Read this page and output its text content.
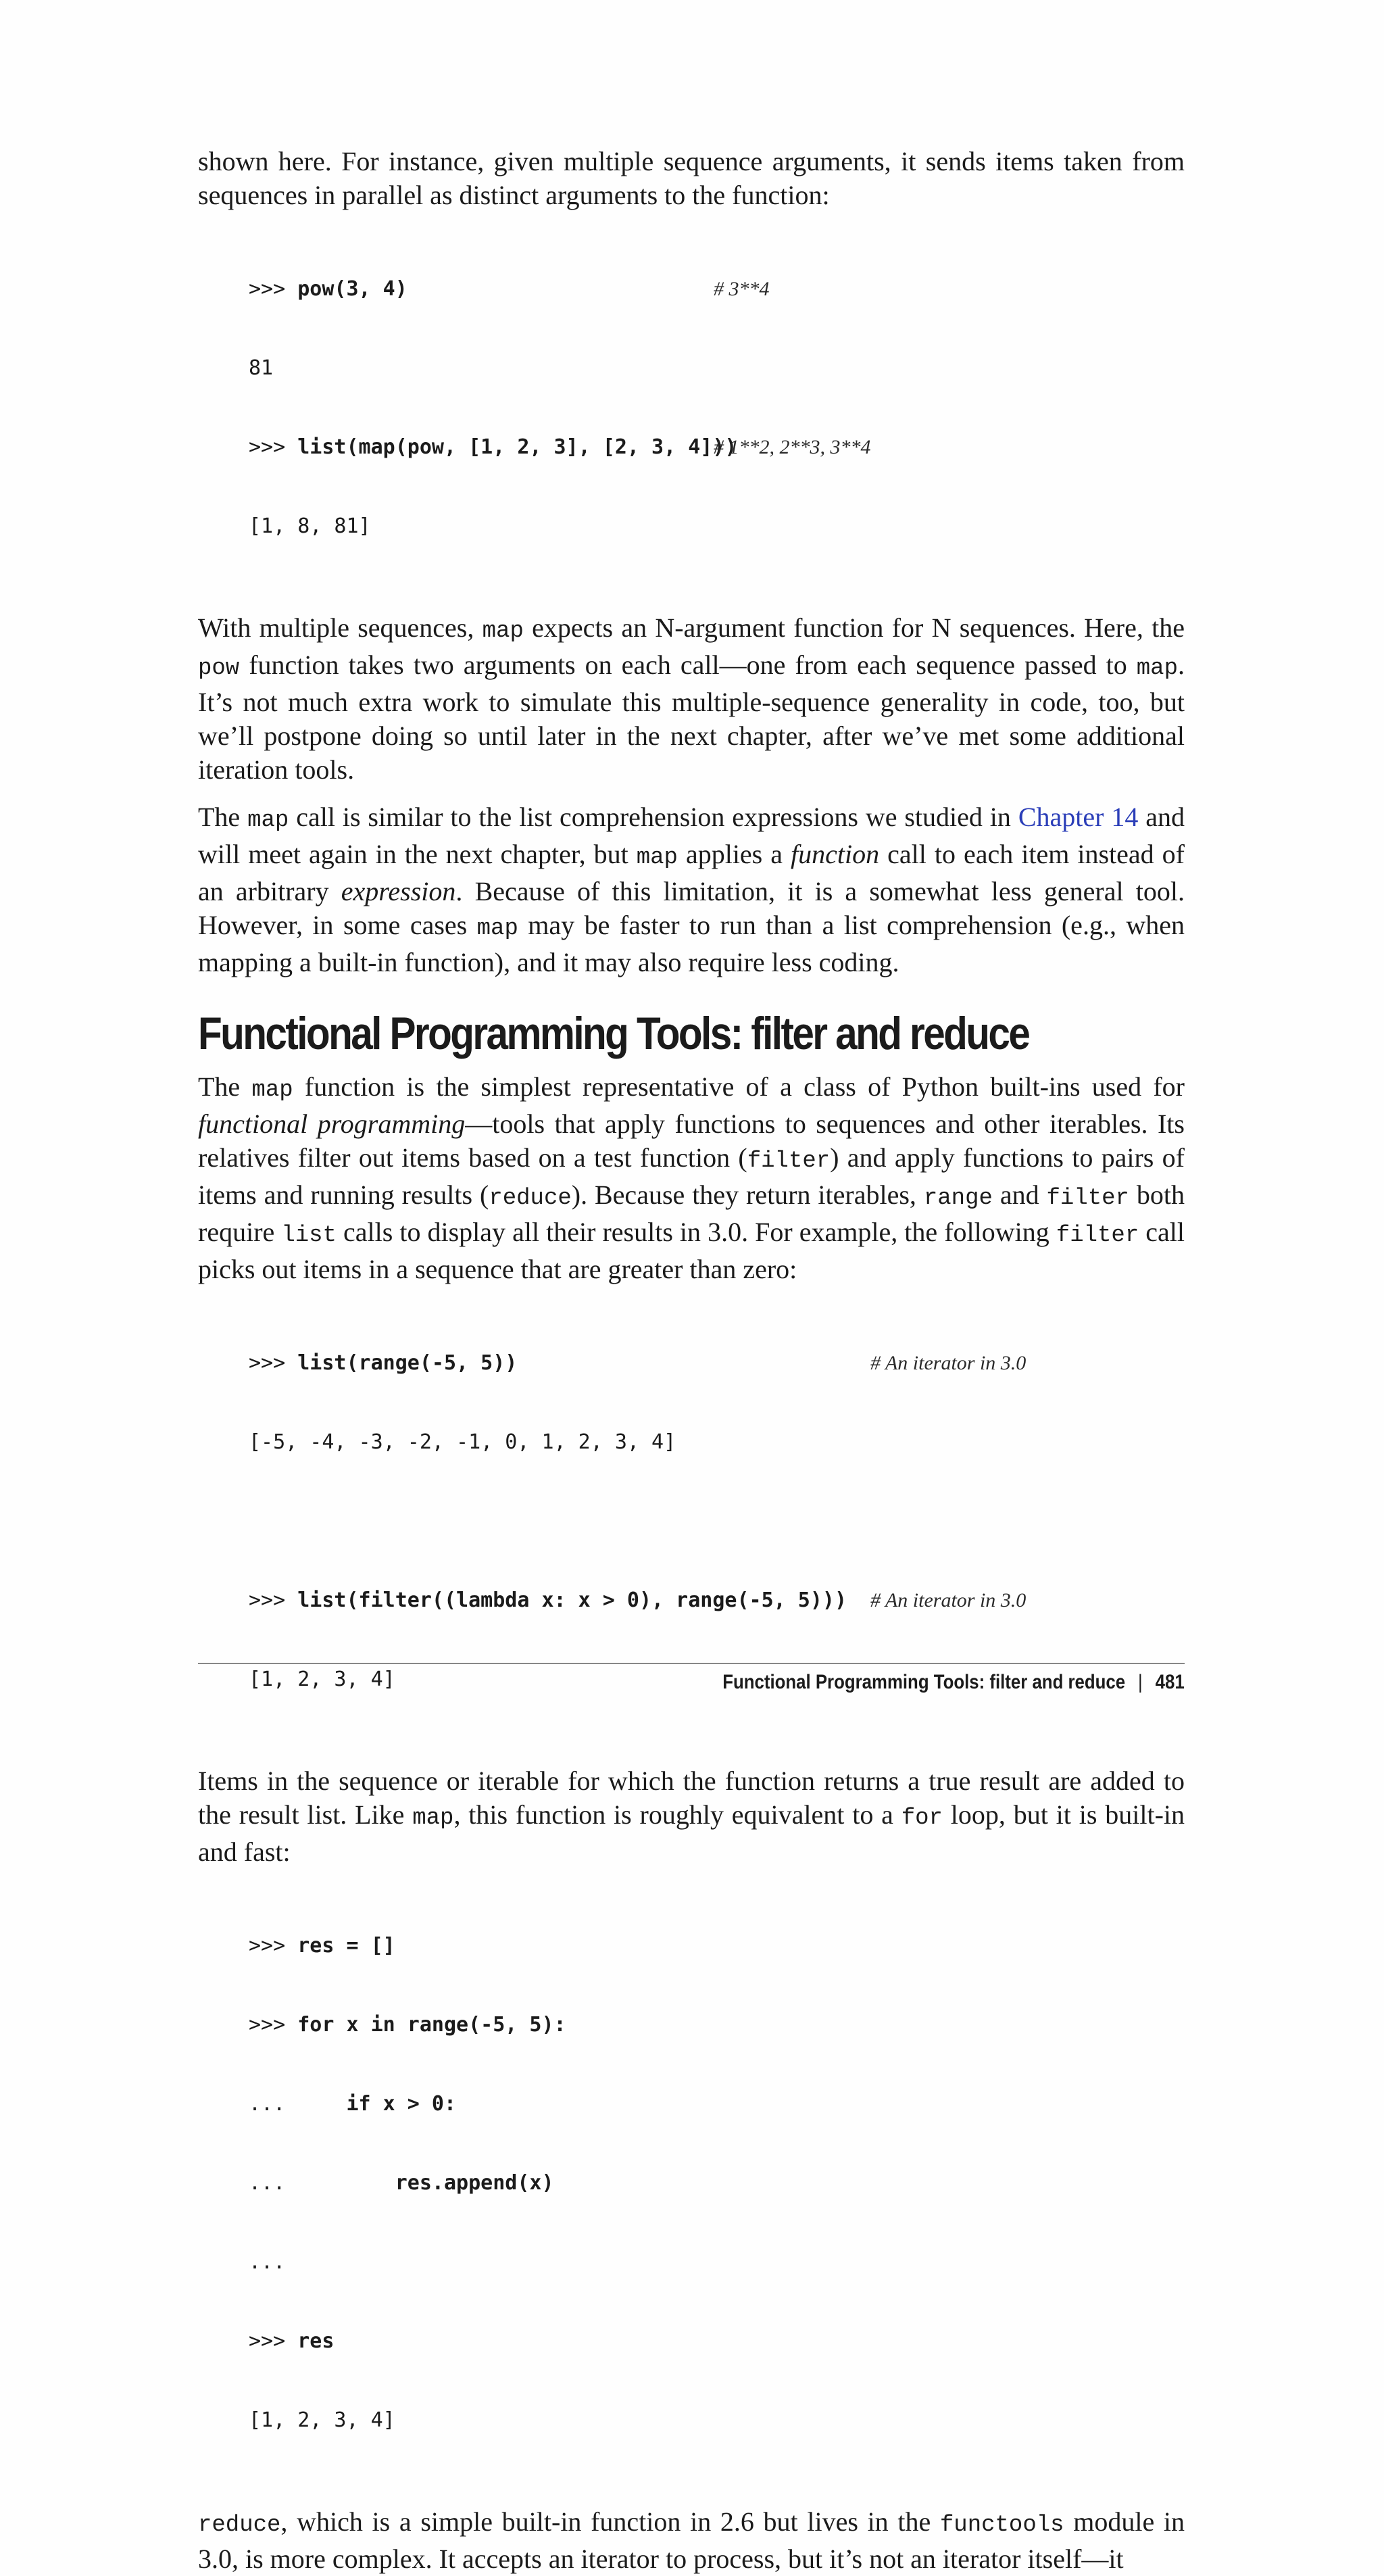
shown here. For instance, given multiple sequence arguments, it sends items taken from sequences in parallel as distinct arguments to the function:

>>> pow(3, 4)	# 3**4

81

>>> list(map(pow, [1, 2, 3], [2, 3, 4]))
# 1**2, 2**3, 3**4

[1, 8, 81]

With multiple sequences, map expects an N-argument function for N sequences. Here, the pow function takes two arguments on each call—one from each sequence passed to map. It’s not much extra work to simulate this multiple-sequence generality in code, too, but we’ll postpone doing so until later in the next chapter, after we’ve met some additional iteration tools.

The map call is similar to the list comprehension expressions we studied in Chapter 14 and will meet again in the next chapter, but map applies a function call to each item instead of an arbitrary expression. Because of this limitation, it is a somewhat less general tool. However, in some cases map may be faster to run than a list comprehension (e.g., when mapping a built-in function), and it may also require less coding.

Functional Programming Tools: filter and reduce

The map function is the simplest representative of a class of Python built-ins used for functional programming—tools that apply functions to sequences and other iterables. Its relatives filter out items based on a test function (filter) and apply functions to pairs of items and running results (reduce). Because they return iterables, range and filter both require list calls to display all their results in 3.0. For example, the following filter call picks out items in a sequence that are greater than zero:

>>> list(range(-5, 5))	# An iterator in 3.0

[-5, -4, -3, -2, -1, 0, 1, 2, 3, 4]

>>> list(filter((lambda x: x > 0), range(-5, 5))) # An iterator in 3.0

[1, 2, 3, 4]

Items in the sequence or iterable for which the function returns a true result are added to the result list. Like map, this function is roughly equivalent to a for loop, but it is built-in and fast:

>>> res = []

>>> for x in range(-5, 5):

...     if x > 0:

...         res.append(x)

...

>>> res

[1, 2, 3, 4]

reduce, which is a simple built-in function in 2.6 but lives in the functools module in 3.0, is more complex. It accepts an iterator to process, but it’s not an iterator itself—it

Functional Programming Tools: filter and reduce | 481
